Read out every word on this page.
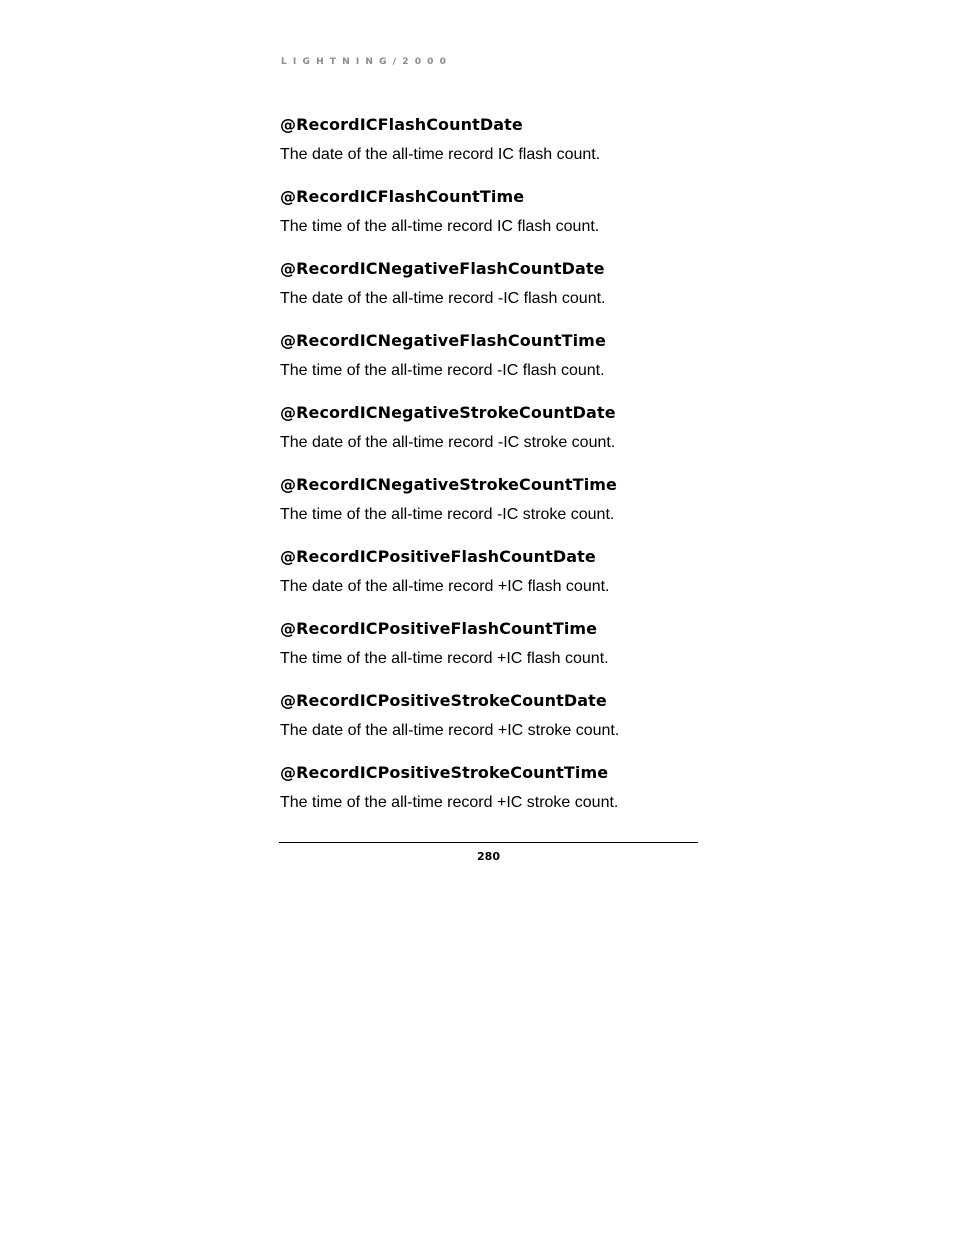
LIGHTNING/2000
@RecordICFlashCountDate
The date of the all-time record IC flash count.
@RecordICFlashCountTime
The time of the all-time record IC flash count.
@RecordICNegativeFlashCountDate
The date of the all-time record -IC flash count.
@RecordICNegativeFlashCountTime
The time of the all-time record -IC flash count.
@RecordICNegativeStrokeCountDate
The date of the all-time record -IC stroke count.
@RecordICNegativeStrokeCountTime
The time of the all-time record -IC stroke count.
@RecordICPositiveFlashCountDate
The date of the all-time record +IC flash count.
@RecordICPositiveFlashCountTime
The time of the all-time record +IC flash count.
@RecordICPositiveStrokeCountDate
The date of the all-time record +IC stroke count.
@RecordICPositiveStrokeCountTime
The time of the all-time record +IC stroke count.
280
